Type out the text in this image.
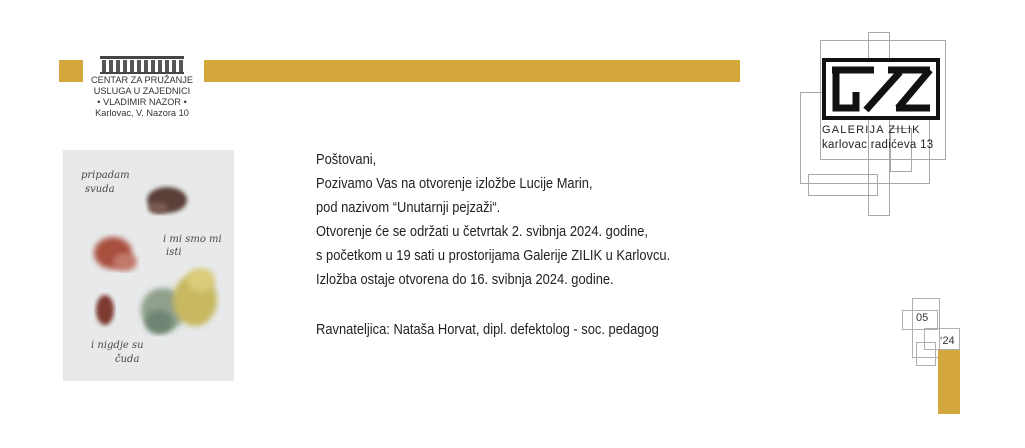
CENTAR ZA PRUŽANJE
USLUGA U ZAJEDNICI
• VLADIMIR NAZOR •
Karlovac, V. Nazora 10
pripadam
svuda
i mi smo mi
isti
i nigdje su
čuda
Poštovani,
Pozivamo Vas na otvorenje izložbe Lucije Marin,
pod nazivom “Unutarnji pejzaži“.
Otvorenje će se održati u četvrtak 2. svibnja 2024. godine,
s početkom u 19 sati u prostorijama Galerije ZILIK u Karlovcu.
Izložba ostaje otvorena do 16. svibnja 2024. godine.
Ravnateljica: Nataša Horvat, dipl. defektolog - soc. pedagog
GALERIJA ZILIK
karlovac radićeva 13
05
‘24
